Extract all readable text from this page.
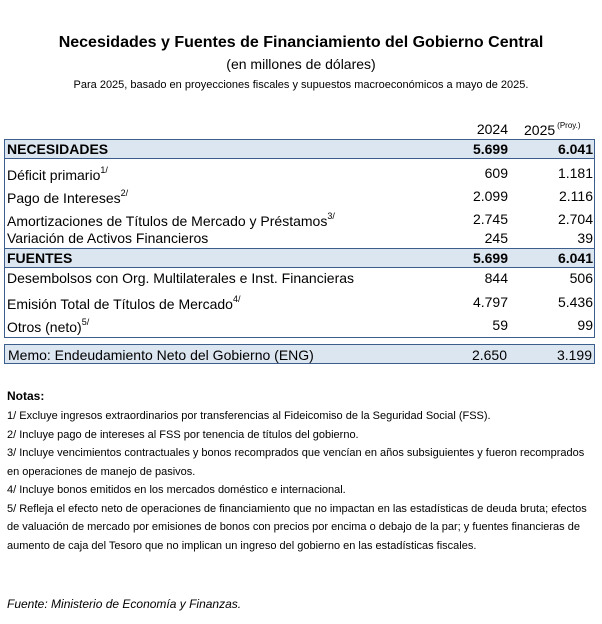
Necesidades y Fuentes de Financiamiento del Gobierno Central
(en millones de dólares)
Para 2025, basado en proyecciones fiscales y supuestos macroeconómicos a mayo de 2025.
2024 2025 $^{(Proy.)}$
NECESIDADES	5.699	6.041
Déficit primario$^{1/}$	609	1.181
Pago de Intereses$^{2/}$	2.099	2.116
Amortizaciones de Títulos de Mercado y Préstamos$^{3/}$	2.745	2.704
Variación de Activos Financieros	245	39
FUENTES	5.699	6.041
Desembolsos con Org. Multilaterales e Inst. Financieras	844	506
Emisión Total de Títulos de Mercado$^{4/}$	4.797	5.436
Otros (neto)$^{5/}$	59	99
Memo: Endeudamiento Neto del Gobierno (ENG)	2.650	3.199
Notas:
1/ Excluye ingresos extraordinarios por transferencias al Fideicomiso de la Seguridad Social (FSS).
2/ Incluye pago de intereses al FSS por tenencia de títulos del gobierno.
3/ Incluye vencimientos contractuales y bonos recomprados que vencían en años subsiguientes y fueron recomprados en operaciones de manejo de pasivos.
4/ Incluye bonos emitidos en los mercados doméstico e internacional.
5/ Refleja el efecto neto de operaciones de financiamiento que no impactan en las estadísticas de deuda bruta; efectos de valuación de mercado por emisiones de bonos con precios por encima o debajo de la par; y fuentes financieras de aumento de caja del Tesoro que no implican un ingreso del gobierno en las estadísticas fiscales.
Fuente: Ministerio de Economía y Finanzas.
